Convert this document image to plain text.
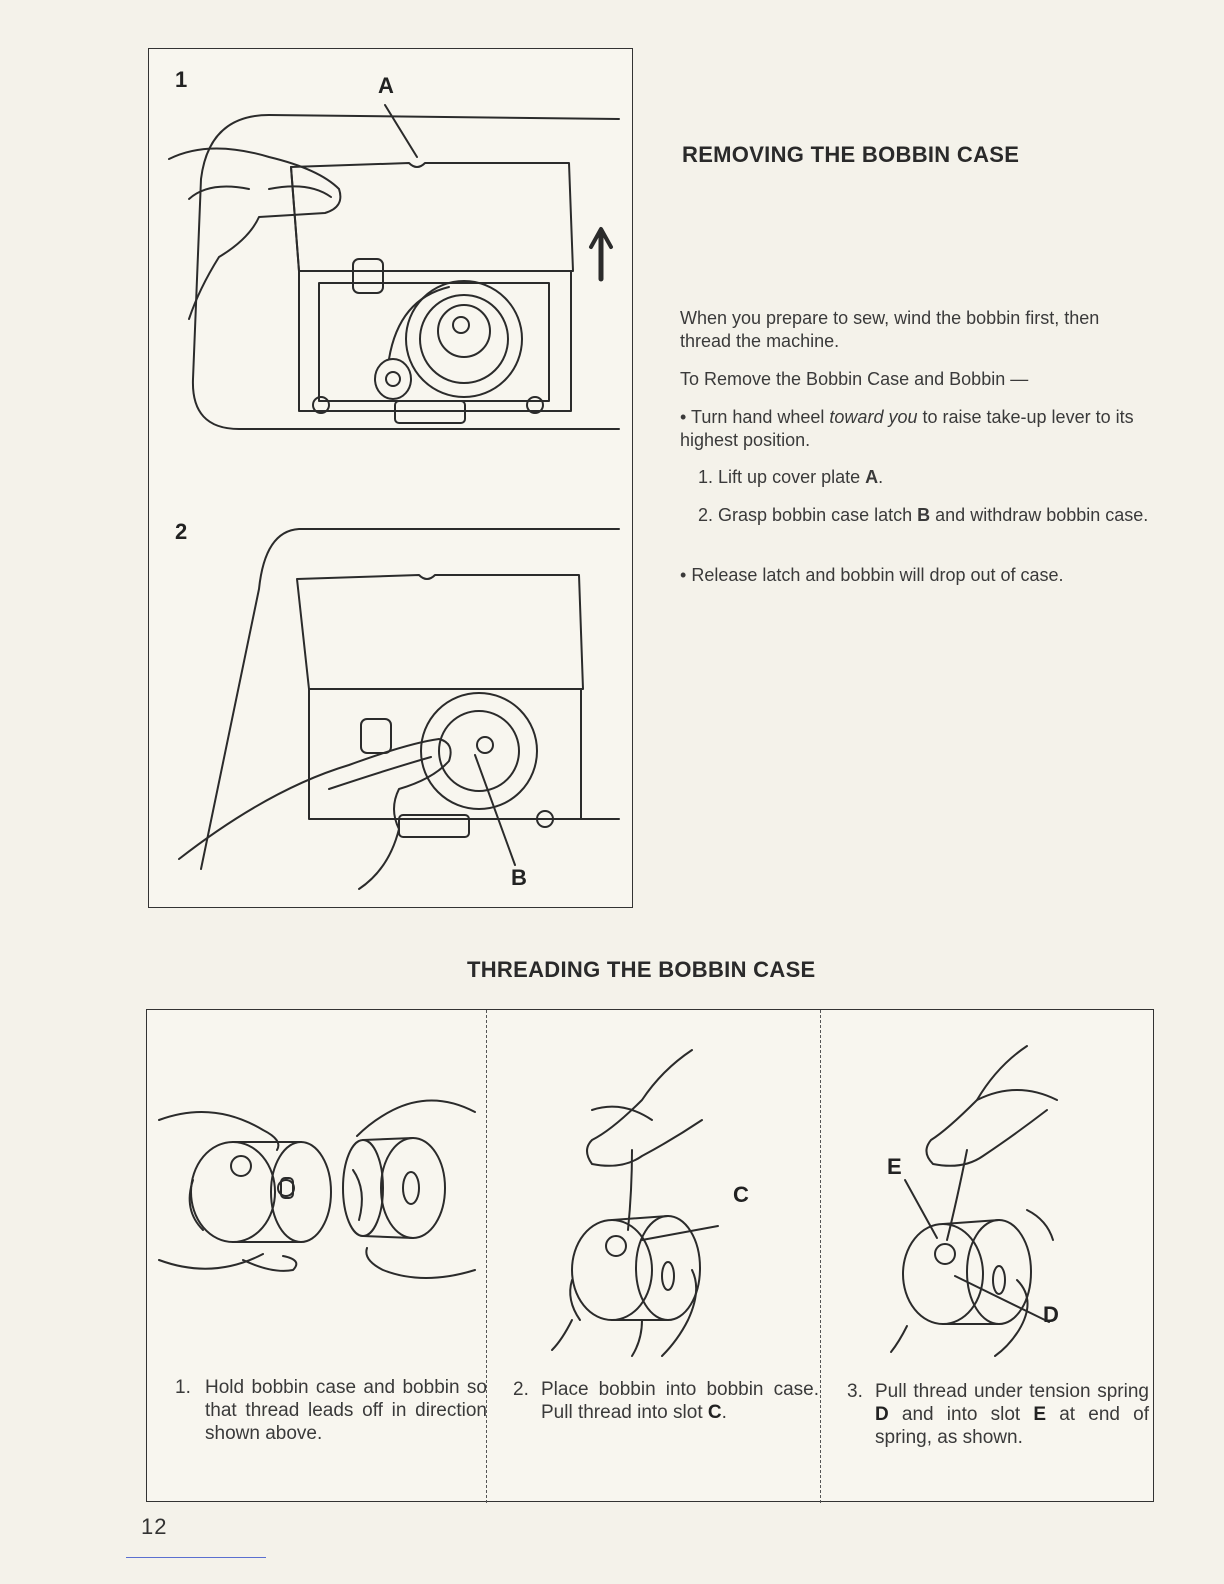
1	A
2
B
REMOVING THE BOBBIN CASE
When you prepare to sew, wind the bobbin first, then thread the machine.
To Remove the Bobbin Case and Bobbin —
• Turn hand wheel toward you to raise take-up lever to its highest position.
1. Lift up cover plate A.
2. Grasp bobbin case latch B and withdraw bobbin case.
• Release latch and bobbin will drop out of case.
THREADING THE BOBBIN CASE
C
E
D
1. Hold bobbin case and bobbin so that thread leads off in direction shown above.
2. Place bobbin into bobbin case. Pull thread into slot C.
3. Pull thread under tension spring D and into slot E at end of spring, as shown.
12
